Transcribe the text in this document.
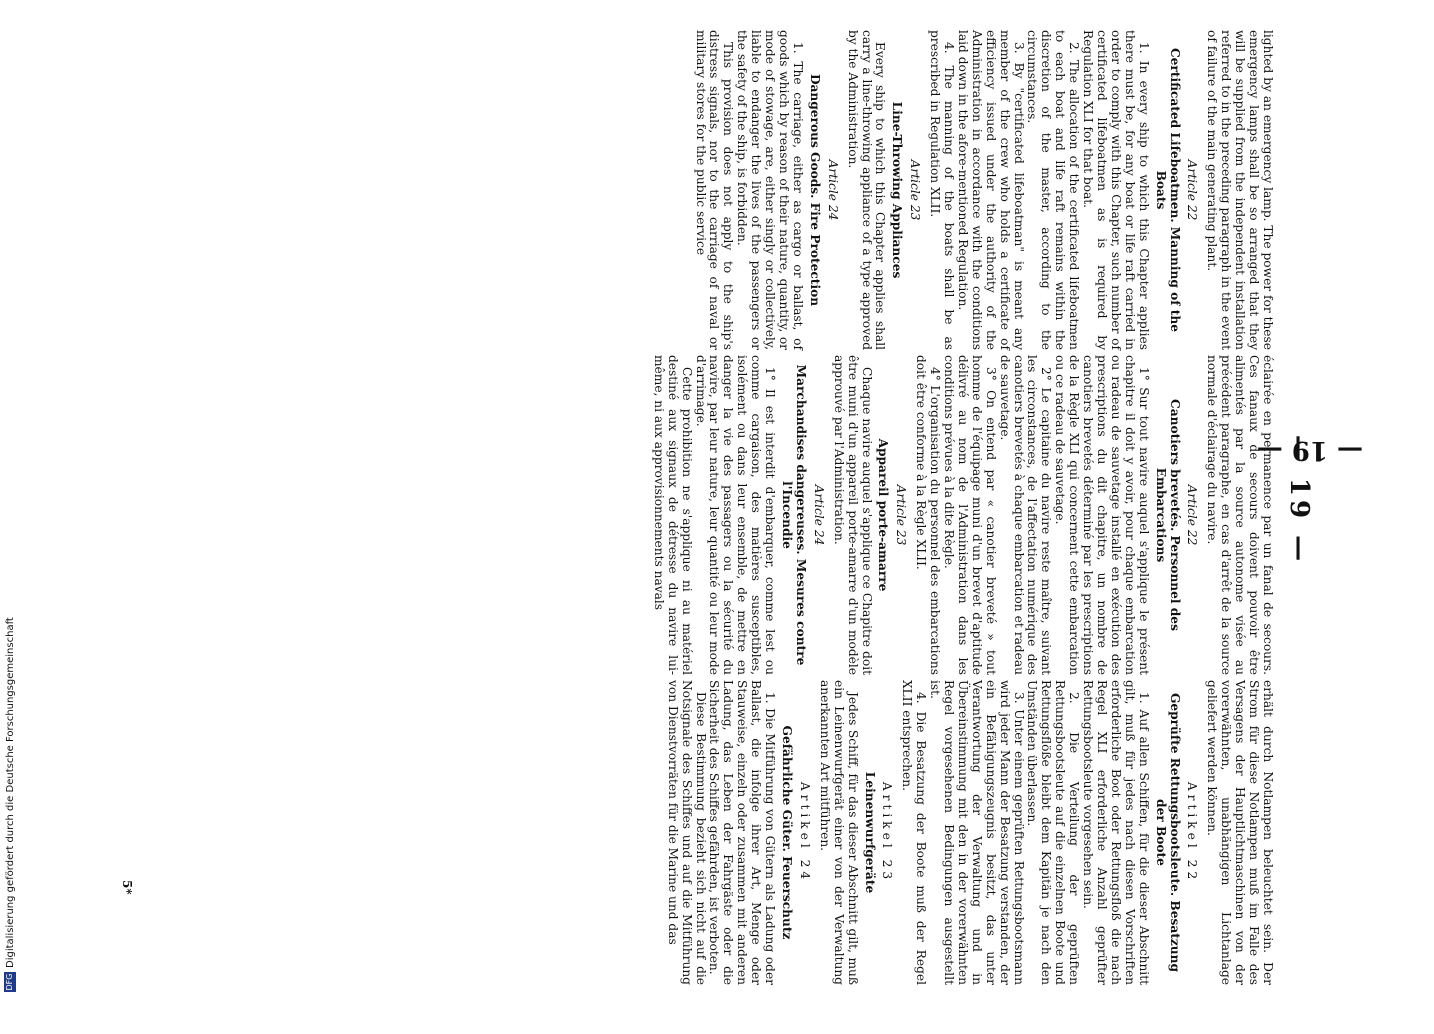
— 19 —
— 19 —

lighted by an emergency lamp. The power for these emergency lamps shall be so arranged that they will be supplied from the independent installation referred to in the preceding paragraph in the event of failure of the main generating plant.

Article 22
Certificated Lifeboatmen. Manning of the Boats

1. In every ship to which this Chapter applies there must be, for any boat or life raft carried in order to comply with this Chapter, such number of certificated lifeboatmen as is required by Regulation XLI for that boat.

2. The allocation of the certificated lifeboatmen to each boat and life raft remains within the discretion of the master, according to the circumstances.

3. By "certificated lifeboatman" is meant any member of the crew who holds a certificate of efficiency issued under the authority of the Administration in accordance with the conditions laid down in the afore-mentioned Regulation.

4. The manning of the boats shall be as prescribed in Regulation XLII.

Article 23
Line-Throwing Appliances

Every ship to which this Chapter applies shall carry a line-throwing appliance of a type approved by the Administration.

Article 24
Dangerous Goods. Fire Protection

1. The carriage, either as cargo or ballast, of goods which by reason of their nature, quantity, or mode of stowage, are, either singly or collectively, liable to endanger the lives of the passengers or the safety of the ship, is forbidden.

This provision does not apply to the ship's distress signals, nor to the carriage of naval or military stores for the public service

éclairée en permanence par un fanal de secours. Ces fanaux de secours doivent pouvoir être alimentés par la source autonome visée au précédent paragraphe, en cas d'arrêt de la source normale d'éclairage du navire.

Article 22
Canotiers brevetés. Personnel des Embarcations

1° Sur tout navire auquel s'applique le présent chapitre il doit y avoir, pour chaque embarcation ou radeau de sauvetage installé en exécution des prescriptions du dit chapitre, un nombre de canotiers brevetés déterminé par les prescriptions de la Règle XLI qui concernent cette embarcation ou ce radeau de sauvetage.

2° Le capitaine du navire reste maître, suivant les circonstances, de l'affectation numérique des canotiers brevetés à chaque embarcation et radeau de sauvetage.

3° On entend par « canotier breveté » tout homme de l'équipage muni d'un brevet d'aptitude délivré au nom de l'Administration dans les conditions prévues à la dite Règle.

4° L'organisation du personnel des embarcations doit être conforme à la Règle XLII.

Article 23
Appareil porte-amarre

Chaque navire auquel s'applique ce Chapitre doit être muni d'un appareil porte-amarre d'un modèle approuvé par l'Administration.

Article 24
Marchandises dangereuses. Mesures contre l'Incendie

1° Il est interdit d'embarquer, comme lest ou comme cargaison, des matières susceptibles, isolément ou dans leur ensemble, de mettre en danger la vie des passagers ou la sécurité du navire, par leur nature, leur quantité ou leur mode d'arrimage.

Cette prohibition ne s'applique ni au matériel destiné aux signaux de détresse du navire lui-même, ni aux approvisionnements navals

erhält durch Notlampen beleuchtet sein. Der Strom für diese Notlampen muß im Falle des Versagens der Hauptlichtmaschinen von der vorerwähnten, unabhängigen Lichtanlage geliefert werden können.

Artikel 22
Geprüfte Rettungsbootsleute. Besatzung der Boote

1. Auf allen Schiffen, für die dieser Abschnitt gilt, muß für jedes nach diesen Vorschriften erforderliche Boot oder Rettungsfloß die nach Regel XLI erforderliche Anzahl geprüfter Rettungsbootsleute vorgesehen sein.

2. Die Verteilung der geprüften Rettungsbootsleute auf die einzelnen Boote und Rettungsflöße bleibt dem Kapitän je nach den Umständen überlassen.

3. Unter einem geprüften Rettungsbootsmann wird jeder Mann der Besatzung verstanden, der ein Befähigungszeugnis besitzt, das unter Verantwortung der Verwaltung und in Übereinstimmung mit den in der vorerwähnten Regel vorgesehenen Bedingungen ausgestellt ist.

4. Die Besatzung der Boote muß der Regel XLII entsprechen.

Artikel 23
Leinenwurfgeräte

Jedes Schiff, für das dieser Abschnitt gilt, muß ein Leinenwurfgerät einer von der Verwaltung anerkannten Art mitführen.

Artikel 24
Gefährliche Güter. Feuerschutz

1. Die Mitführung von Gütern als Ladung oder Ballast, die infolge ihrer Art, Menge oder Stauweise, einzeln oder zusammen mit anderen Ladung, das Leben der Fahrgäste oder die Sicherheit des Schiffes gefährden, ist verboten.

Diese Bestimmung bezieht sich nicht auf die Notsignale des Schiffes und auf die Mitführung von Dienstvorräten für die Marine und das

5*
DFG
Digitalisierung gefördert durch die Deutsche Forschungsgemeinschaft
